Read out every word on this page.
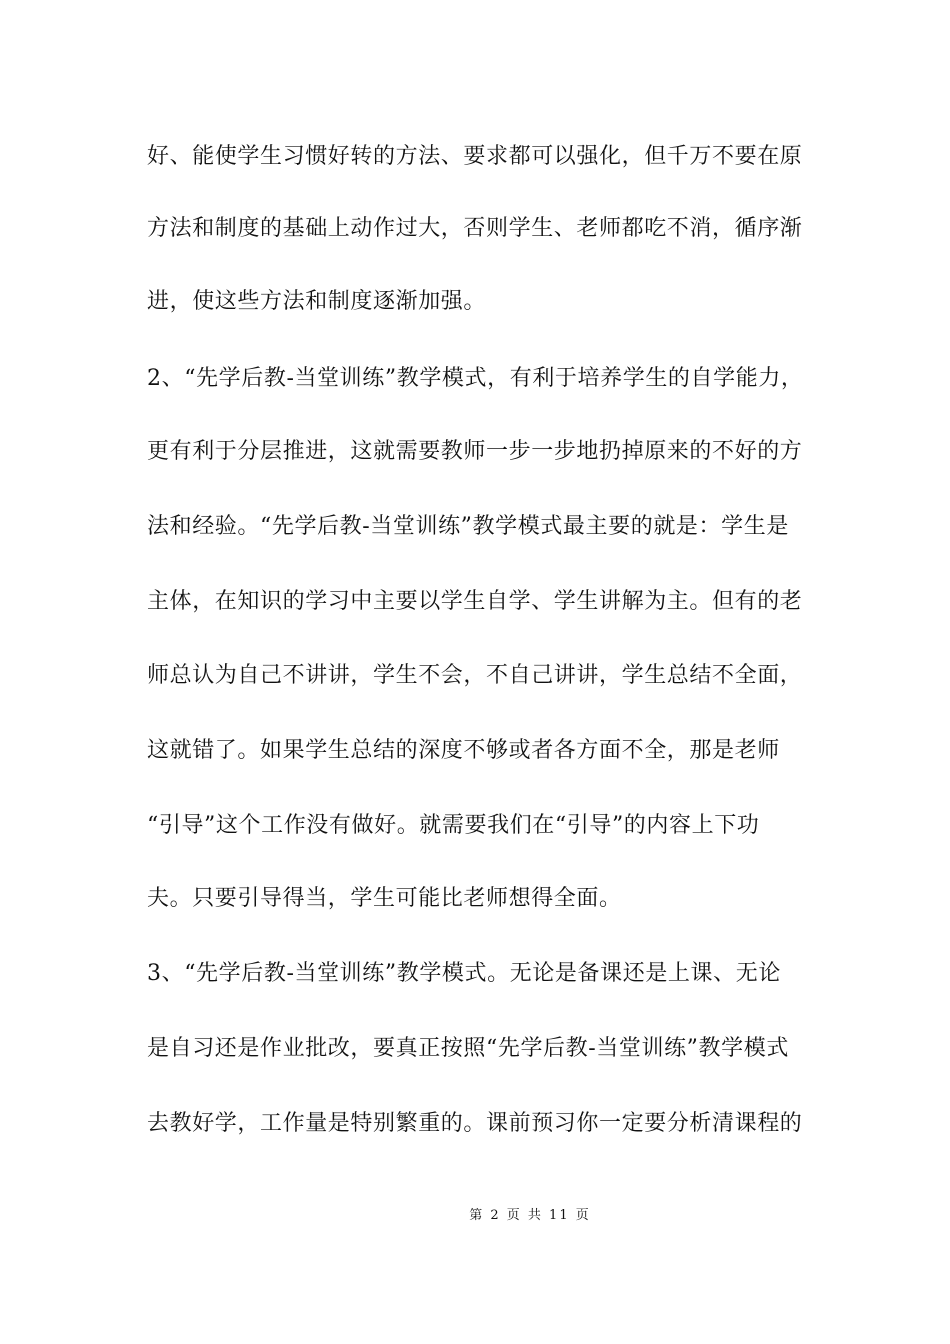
好、能使学生习惯好转的方法、要求都可以强化，但千万不要在原
方法和制度的基础上动作过大，否则学生、老师都吃不消，循序渐
进，使这些方法和制度逐渐加强。
2、“先学后教-当堂训练”教学模式，有利于培养学生的自学能力，
更有利于分层推进，这就需要教师一步一步地扔掉原来的不好的方
法和经验。“先学后教-当堂训练”教学模式最主要的就是：学生是
主体，在知识的学习中主要以学生自学、学生讲解为主。但有的老
师总认为自己不讲讲，学生不会，不自己讲讲，学生总结不全面，
这就错了。如果学生总结的深度不够或者各方面不全，那是老师
“引导”这个工作没有做好。就需要我们在“引导”的内容上下功
夫。只要引导得当，学生可能比老师想得全面。
3、“先学后教-当堂训练”教学模式。无论是备课还是上课、无论
是自习还是作业批改，要真正按照“先学后教-当堂训练”教学模式
去教好学，工作量是特别繁重的。课前预习你一定要分析清课程的
第 2 页 共 11 页
